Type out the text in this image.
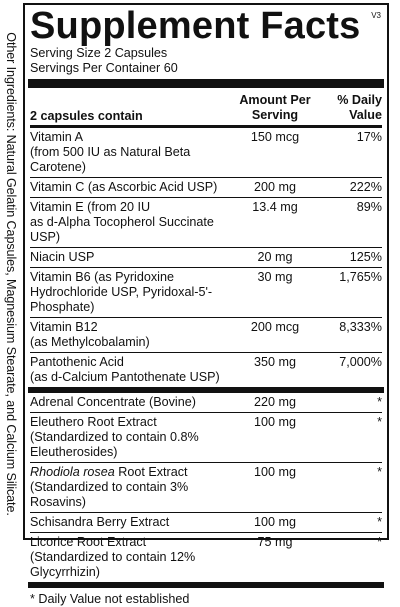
Other Ingredients: Natural Gelatin Capsules, Magnesium Stearate, and Calcium Silicate.
V3
Supplement Facts
Serving Size 2 Capsules
Servings Per Container 60
2 capsules contain
Amount Per
Serving
% Daily
Value
Vitamin A
(from 500 IU as Natural Beta Carotene)
150 mcg	17%
Vitamin C (as Ascorbic Acid USP)	200 mg	222%
Vitamin E (from 20 IU
as d-Alpha Tocopherol Succinate USP)
13.4 mg	89%
Niacin USP	20 mg	125%
Vitamin B6 (as Pyridoxine
Hydrochloride USP, Pyridoxal-5'-Phosphate)
30 mg	1,765%
Vitamin B12
(as Methylcobalamin)
200 mcg	8,333%
Pantothenic Acid
(as d-Calcium Pantothenate USP)
350 mg	7,000%
Adrenal Concentrate (Bovine)	220 mg	*
Eleuthero Root Extract
(Standardized to contain 0.8% Eleutherosides)
100 mg	*
Rhodiola rosea Root Extract
(Standardized to contain 3% Rosavins)
100 mg	*
Schisandra Berry Extract	100 mg	*
Licorice Root Extract
(Standardized to contain 12% Glycyrrhizin)
75 mg	*
* Daily Value not established
